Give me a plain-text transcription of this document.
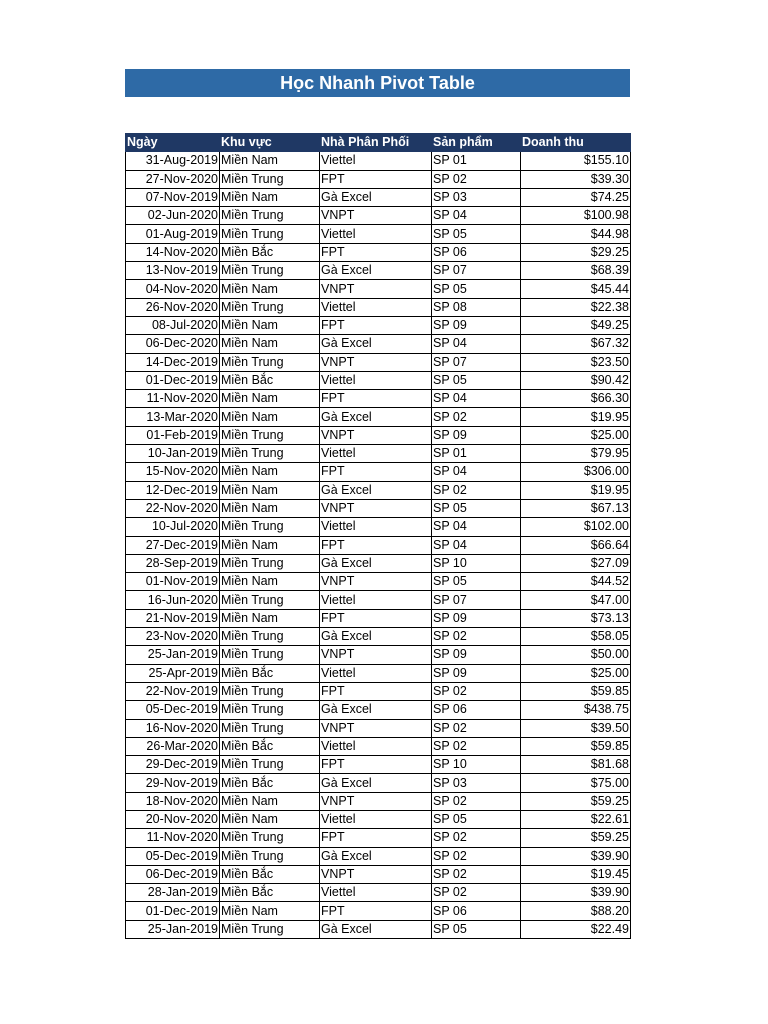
Học Nhanh Pivot Table
Ngày	Khu vực	Nhà Phân Phối	Sản phẩm	Doanh thu
31-Aug-2019	Miền Nam	Viettel	SP 01	$155.10
27-Nov-2020	Miền Trung	FPT	SP 02	$39.30
07-Nov-2019	Miền Nam	Gà Excel	SP 03	$74.25
02-Jun-2020	Miền Trung	VNPT	SP 04	$100.98
01-Aug-2019	Miền Trung	Viettel	SP 05	$44.98
14-Nov-2020	Miền Bắc	FPT	SP 06	$29.25
13-Nov-2019	Miền Trung	Gà Excel	SP 07	$68.39
04-Nov-2020	Miền Nam	VNPT	SP 05	$45.44
26-Nov-2020	Miền Trung	Viettel	SP 08	$22.38
08-Jul-2020	Miền Nam	FPT	SP 09	$49.25
06-Dec-2020	Miền Nam	Gà Excel	SP 04	$67.32
14-Dec-2019	Miền Trung	VNPT	SP 07	$23.50
01-Dec-2019	Miền Bắc	Viettel	SP 05	$90.42
11-Nov-2020	Miền Nam	FPT	SP 04	$66.30
13-Mar-2020	Miền Nam	Gà Excel	SP 02	$19.95
01-Feb-2019	Miền Trung	VNPT	SP 09	$25.00
10-Jan-2019	Miền Trung	Viettel	SP 01	$79.95
15-Nov-2020	Miền Nam	FPT	SP 04	$306.00
12-Dec-2019	Miền Nam	Gà Excel	SP 02	$19.95
22-Nov-2020	Miền Nam	VNPT	SP 05	$67.13
10-Jul-2020	Miền Trung	Viettel	SP 04	$102.00
27-Dec-2019	Miền Nam	FPT	SP 04	$66.64
28-Sep-2019	Miền Trung	Gà Excel	SP 10	$27.09
01-Nov-2019	Miền Nam	VNPT	SP 05	$44.52
16-Jun-2020	Miền Trung	Viettel	SP 07	$47.00
21-Nov-2019	Miền Nam	FPT	SP 09	$73.13
23-Nov-2020	Miền Trung	Gà Excel	SP 02	$58.05
25-Jan-2019	Miền Trung	VNPT	SP 09	$50.00
25-Apr-2019	Miền Bắc	Viettel	SP 09	$25.00
22-Nov-2019	Miền Trung	FPT	SP 02	$59.85
05-Dec-2019	Miền Trung	Gà Excel	SP 06	$438.75
16-Nov-2020	Miền Trung	VNPT	SP 02	$39.50
26-Mar-2020	Miền Bắc	Viettel	SP 02	$59.85
29-Dec-2019	Miền Trung	FPT	SP 10	$81.68
29-Nov-2019	Miền Bắc	Gà Excel	SP 03	$75.00
18-Nov-2020	Miền Nam	VNPT	SP 02	$59.25
20-Nov-2020	Miền Nam	Viettel	SP 05	$22.61
11-Nov-2020	Miền Trung	FPT	SP 02	$59.25
05-Dec-2019	Miền Trung	Gà Excel	SP 02	$39.90
06-Dec-2019	Miền Bắc	VNPT	SP 02	$19.45
28-Jan-2019	Miền Bắc	Viettel	SP 02	$39.90
01-Dec-2019	Miền Nam	FPT	SP 06	$88.20
25-Jan-2019	Miền Trung	Gà Excel	SP 05	$22.49
